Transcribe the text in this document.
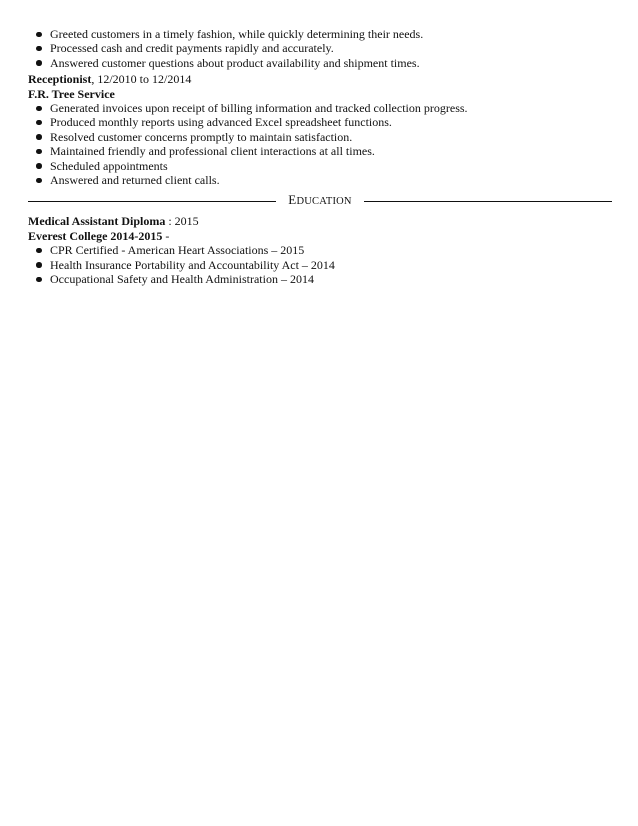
Greeted customers in a timely fashion, while quickly determining their needs.
Processed cash and credit payments rapidly and accurately.
Answered customer questions about product availability and shipment times.
Receptionist, 12/2010 to 12/2014
F.R. Tree Service
Generated invoices upon receipt of billing information and tracked collection progress.
Produced monthly reports using advanced Excel spreadsheet functions.
Resolved customer concerns promptly to maintain satisfaction.
Maintained friendly and professional client interactions at all times.
Scheduled appointments
Answered and returned client calls.
EDUCATION
Medical Assistant Diploma : 2015
Everest College 2014-2015 -
CPR Certified - American Heart Associations – 2015
Health Insurance Portability and Accountability Act – 2014
Occupational Safety and Health Administration – 2014
